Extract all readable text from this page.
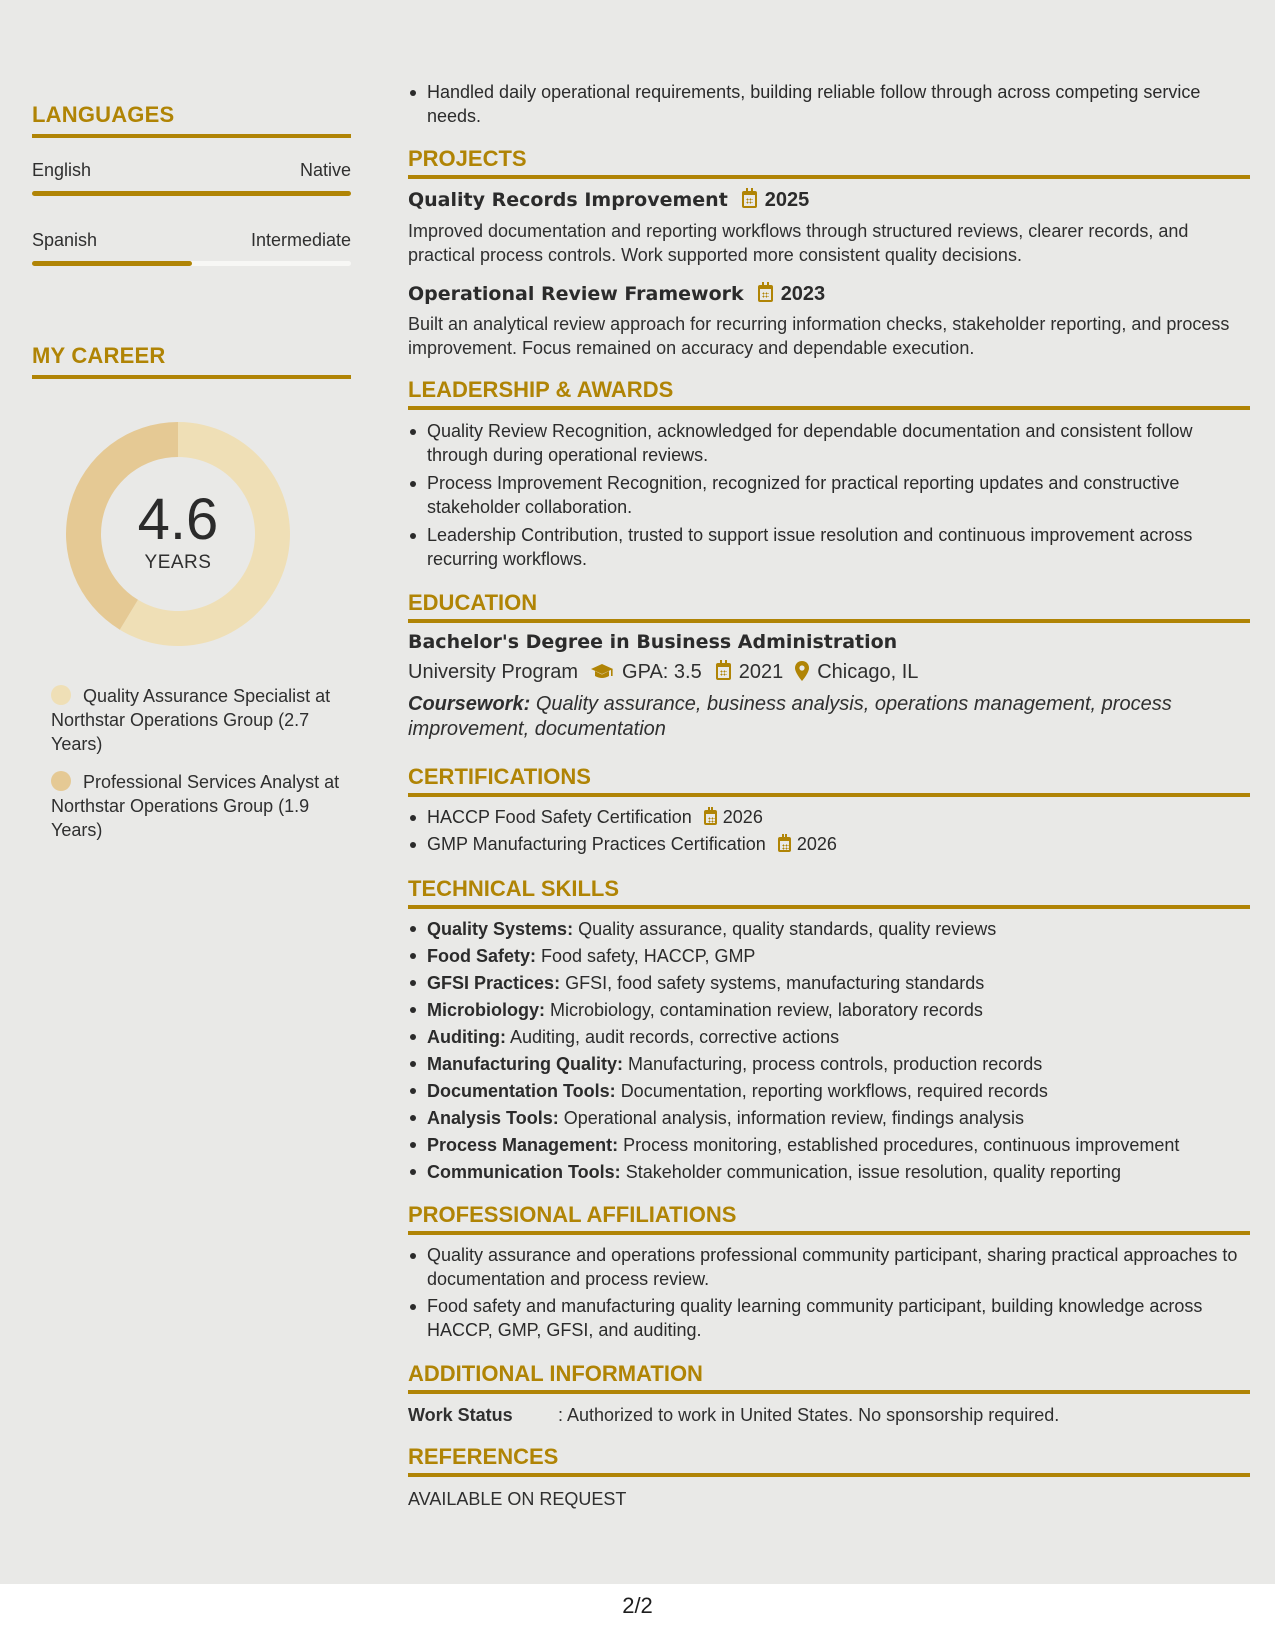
LANGUAGES
English	Native
Spanish	Intermediate
MY CAREER
4.6
YEARS
Quality Assurance Specialist at Northstar Operations Group (2.7 Years)
Professional Services Analyst at Northstar Operations Group (1.9 Years)
Handled daily operational requirements, building reliable follow through across competing service needs.
PROJECTS
Quality Records Improvement 2025
Improved documentation and reporting workflows through structured reviews, clearer records, and practical process controls. Work supported more consistent quality decisions.
Operational Review Framework 2023
Built an analytical review approach for recurring information checks, stakeholder reporting, and process improvement. Focus remained on accuracy and dependable execution.
LEADERSHIP & AWARDS
Quality Review Recognition, acknowledged for dependable documentation and consistent follow through during operational reviews.
Process Improvement Recognition, recognized for practical reporting updates and constructive stakeholder collaboration.
Leadership Contribution, trusted to support issue resolution and continuous improvement across recurring workflows.
EDUCATION
Bachelor's Degree in Business Administration
University Program GPA: 3.5 2021 Chicago, IL
Coursework: Quality assurance, business analysis, operations management, process improvement, documentation
CERTIFICATIONS
HACCP Food Safety Certification 2026
GMP Manufacturing Practices Certification 2026
TECHNICAL SKILLS
Quality Systems: Quality assurance, quality standards, quality reviews
Food Safety: Food safety, HACCP, GMP
GFSI Practices: GFSI, food safety systems, manufacturing standards
Microbiology: Microbiology, contamination review, laboratory records
Auditing: Auditing, audit records, corrective actions
Manufacturing Quality: Manufacturing, process controls, production records
Documentation Tools: Documentation, reporting workflows, required records
Analysis Tools: Operational analysis, information review, findings analysis
Process Management: Process monitoring, established procedures, continuous improvement
Communication Tools: Stakeholder communication, issue resolution, quality reporting
PROFESSIONAL AFFILIATIONS
Quality assurance and operations professional community participant, sharing practical approaches to documentation and process review.
Food safety and manufacturing quality learning community participant, building knowledge across HACCP, GMP, GFSI, and auditing.
ADDITIONAL INFORMATION
Work Status	: Authorized to work in United States. No sponsorship required.
REFERENCES
AVAILABLE ON REQUEST
2/2
